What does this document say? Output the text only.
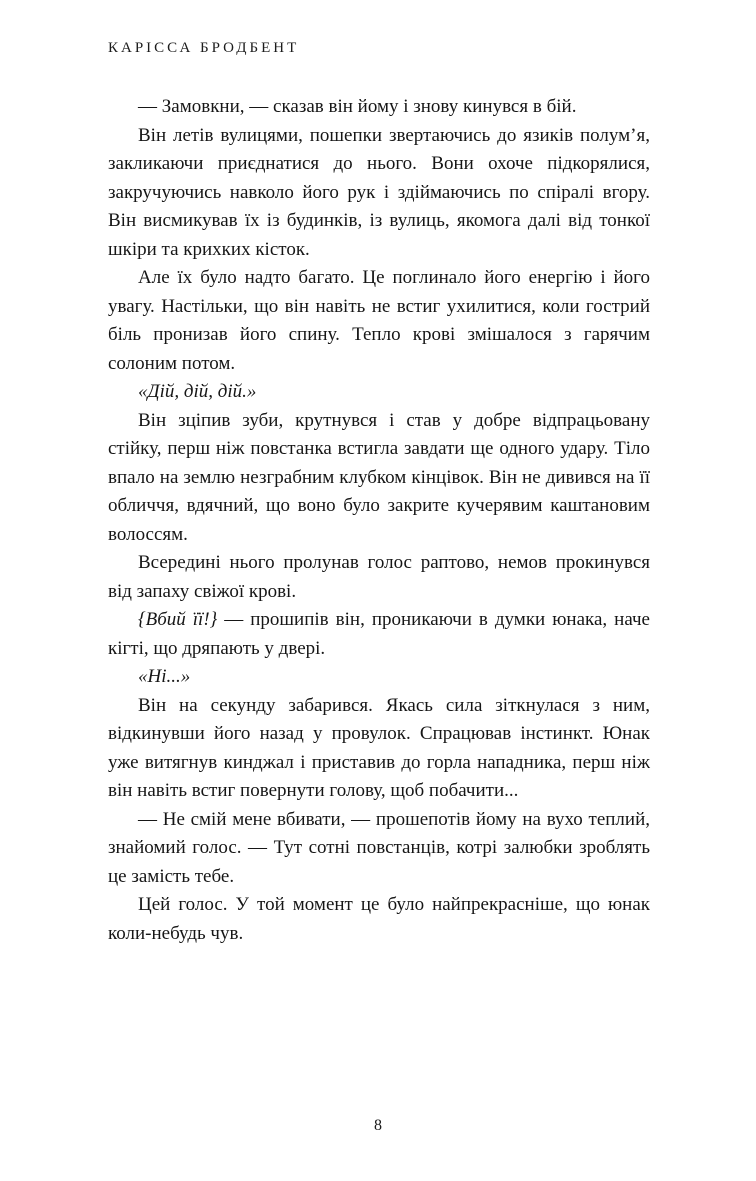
КАРІССА БРОДБЕНТ

— Замовкни, — сказав він йому і знову кинувся в бій.

Він летів вулицями, пошепки звертаючись до язиків полум’я, закликаючи приєднатися до нього. Вони охоче підкорялися, закручуючись навколо його рук і здіймаючись по спіралі вгору. Він висмикував їх із будинків, із вулиць, якомога далі від тонкої шкіри та крихких кісток.

Але їх було надто багато. Це поглинало його енергію і його увагу. Настільки, що він навіть не встиг ухилитися, коли гострий біль пронизав його спину. Тепло крові змішалося з гарячим солоним потом.

«Дій, дій, дій.»

Він зціпив зуби, крутнувся і став у добре відпрацьовану стійку, перш ніж повстанка встигла завдати ще одного удару. Тіло впало на землю незграбним клубком кінцівок. Він не дивився на її обличчя, вдячний, що воно було закрите кучерявим каштановим волоссям.

Всередині нього пролунав голос раптово, немов прокинувся від запаху свіжої крові.

{Вбий її!} — прошипів він, проникаючи в думки юнака, наче кігті, що дряпають у двері.

«Ні...»

Він на секунду забарився. Якась сила зіткнулася з ним, відкинувши його назад у провулок. Спрацював інстинкт. Юнак уже витягнув кинджал і приставив до горла нападника, перш ніж він навіть встиг повернути голову, щоб побачити...

— Не смій мене вбивати, — прошепотів йому на вухо теплий, знайомий голос. — Тут сотні повстанців, котрі залюбки зроблять це замість тебе.

Цей голос. У той момент це було найпрекрасніше, що юнак коли-небудь чув.

8
